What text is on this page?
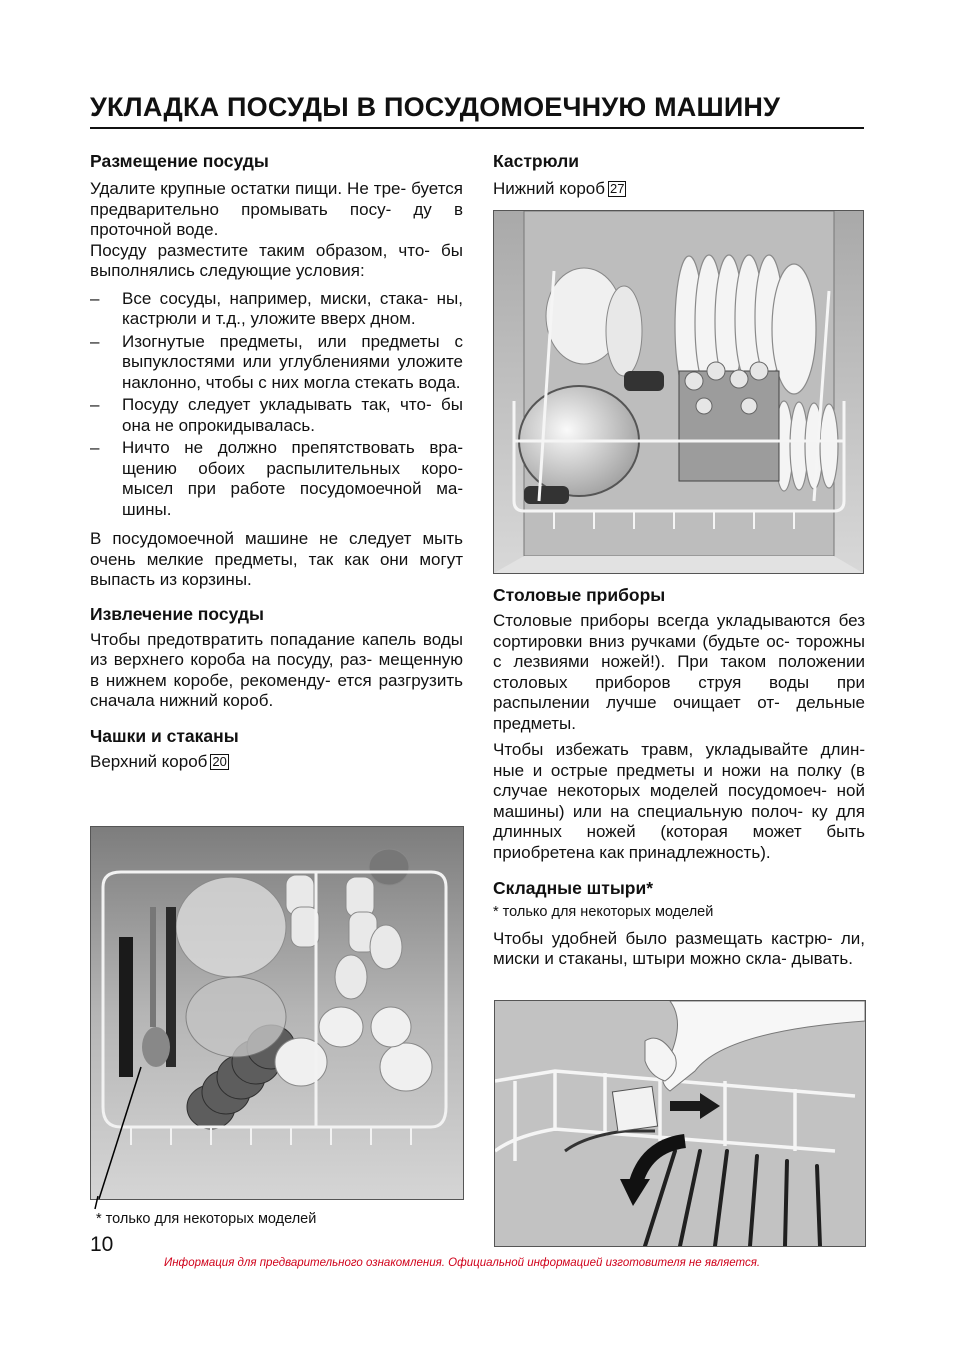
УКЛАДКА ПОСУДЫ В ПОСУДОМОЕЧНУЮ МАШИНУ
Размещение посуды

Удалите крупные остатки пищи. Не тре- буется предварительно промывать посу- ду в проточной воде.

Посуду разместите таким образом, что- бы выполнялись следующие условия:

– Все сосуды, например, миски, стака- ны, кастрюли и т.д., уложите вверх дном.
– Изогнутые предметы, или предметы с выпуклостями или углублениями уложите наклонно, чтобы с них могла стекать вода.
– Посуду следует укладывать так, что- бы она не опрокидывалась.
– Ничто не должно препятствовать вра- щению обоих распылительных коро- мысел при работе посудомоечной ма- шины.

В посудомоечной машине не следует мыть очень мелкие предметы, так как они могут выпасть из корзины.

Извлечение посуды

Чтобы предотвратить попадание капель воды из верхнего короба на посуду, раз- мещенную в нижнем коробе, рекоменду- ется разгрузить сначала нижний короб.

Чашки и стаканы

Верхний короб 20

Кастрюли

Нижний короб 27

Столовые приборы

Столовые приборы всегда укладываются без сортировки вниз ручками (будьте ос- торожны с лезвиями ножей!). При таком положении столовых приборов струя воды при распылении лучше очищает от- дельные предметы.

Чтобы избежать травм, укладывайте длин- ные и острые предметы и ножи на полку (в случае некоторых моделей посудомоеч- ной машины) или на специальную полоч- ку для длинных ножей (которая может быть приобретена как принадлежность).

Складные штыри*

* только для некоторых моделей

Чтобы удобней было размещать кастрю- ли, миски и стаканы, штыри можно скла- дывать.

* только для некоторых моделей
10
Информация для предварительного ознакомления. Официальной информацией изготовителя не является.
